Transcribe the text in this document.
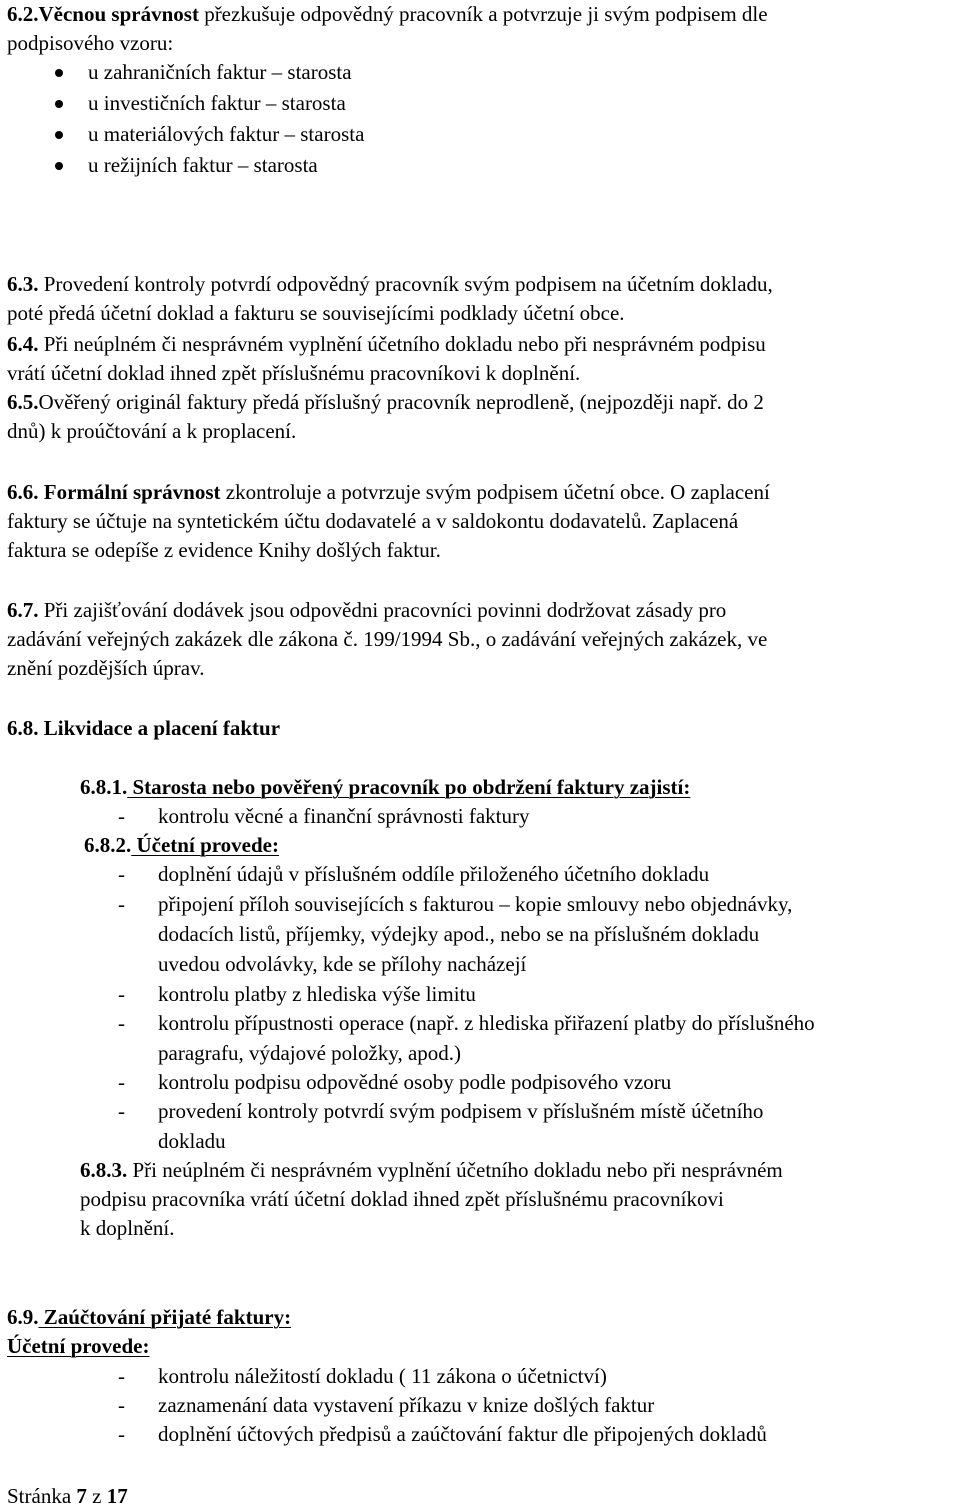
6.2.Věcnou správnost přezkušuje odpovědný pracovník a potvrzuje ji svým podpisem dle

podpisového vzoru:

u zahraničních faktur – starosta
u investičních faktur – starosta
u materiálových faktur – starosta
u režijních faktur – starosta

6.3. Provedení kontroly potvrdí odpovědný pracovník svým podpisem na účetním dokladu,

poté předá účetní doklad a fakturu se souvisejícími podklady účetní obce.

6.4. Při neúplném či nesprávném vyplnění účetního dokladu nebo při nesprávném podpisu

vrátí účetní doklad ihned zpět příslušnému pracovníkovi k doplnění.

6.5.Ověřený originál faktury předá příslušný pracovník neprodleně, (nejpozději např. do 2

dnů) k proúčtování a k proplacení.

6.6. Formální správnost zkontroluje a potvrzuje svým podpisem účetní obce. O zaplacení

faktury se účtuje na syntetickém účtu dodavatelé a v saldokontu dodavatelů. Zaplacená

faktura se odepíše z evidence Knihy došlých faktur.

6.7. Při zajišťování dodávek jsou odpovědni pracovníci povinni dodržovat zásady pro

zadávání veřejných zakázek dle zákona č. 199/1994 Sb., o zadávání veřejných zakázek, ve

znění pozdějších úprav.

6.8. Likvidace a placení faktur

6.8.1. Starosta nebo pověřený pracovník po obdržení faktury zajistí:
- kontrolu věcné a finanční správnosti faktury
6.8.2. Účetní provede:
- doplnění údajů v příslušném oddíle přiloženého účetního dokladu
- připojení příloh souvisejících s fakturou – kopie smlouvy nebo objednávky,
dodacích listů, příjemky, výdejky apod., nebo se na příslušném dokladu
uvedou odvolávky, kde se přílohy nacházejí
- kontrolu platby z hlediska výše limitu
- kontrolu přípustnosti operace (např. z hlediska přiřazení platby do příslušného
paragrafu, výdajové položky, apod.)
- kontrolu podpisu odpovědné osoby podle podpisového vzoru
- provedení kontroly potvrdí svým podpisem v příslušném místě účetního
dokladu

6.8.3. Při neúplném či nesprávném vyplnění účetního dokladu nebo při nesprávném

podpisu pracovníka vrátí účetní doklad ihned zpět příslušnému pracovníkovi

k doplnění.

6.9. Zaúčtování přijaté faktury:

Účetní provede:

- kontrolu náležitostí dokladu ( 11 zákona o účetnictví)
- zaznamenání data vystavení příkazu v knize došlých faktur
- doplnění účtových předpisů a zaúčtování faktur dle připojených dokladů
Stránka 7 z 17
